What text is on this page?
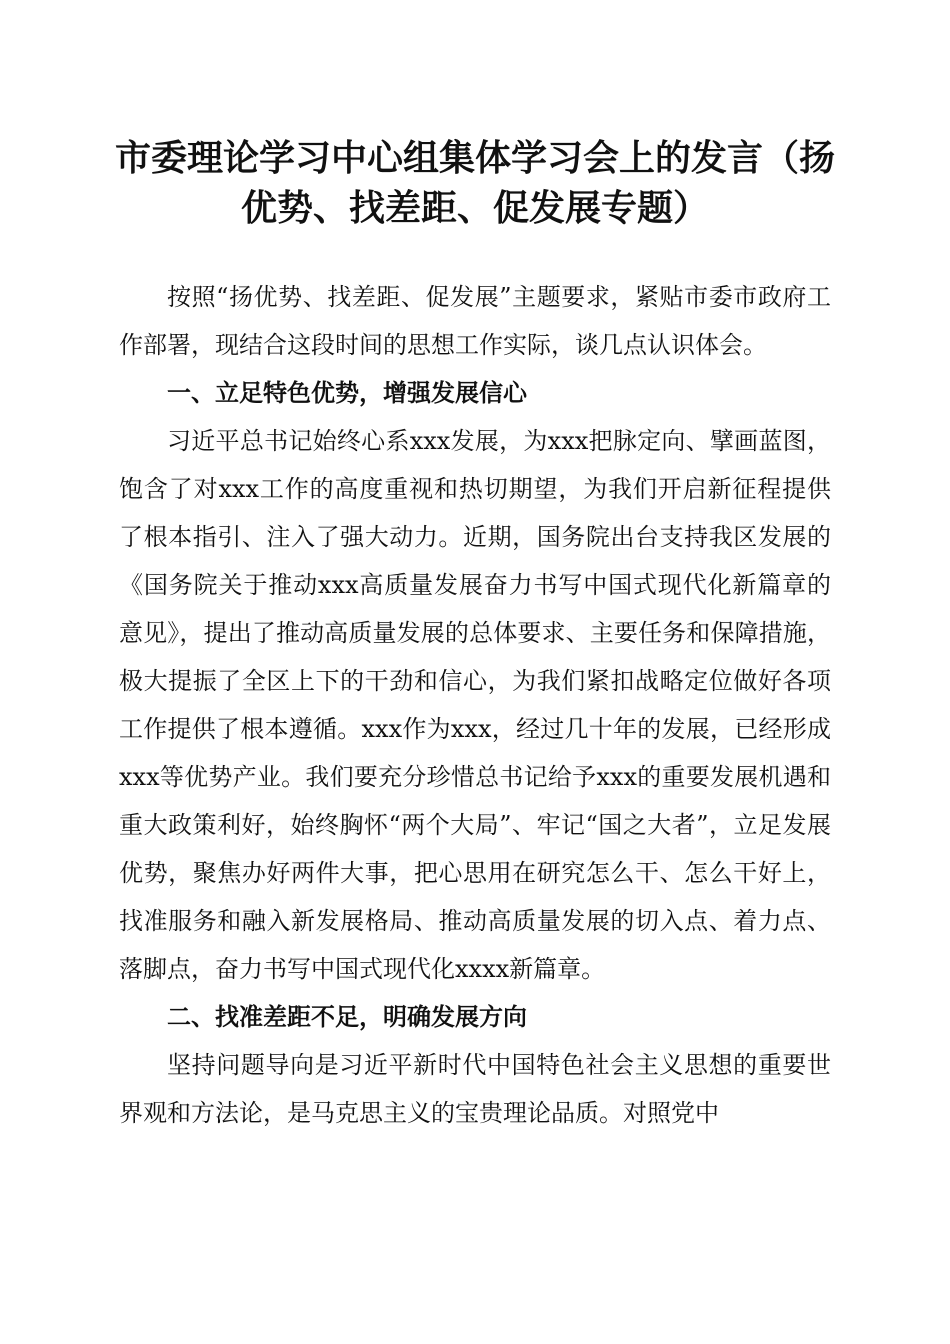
市委理论学习中心组集体学习会上的发言（扬优势、找差距、促发展专题）

按照“扬优势、找差距、促发展”主题要求，紧贴市委市政府工作部署，现结合这段时间的思想工作实际，谈几点认识体会。

一、立足特色优势，增强发展信心

习近平总书记始终心系xxx发展，为xxx把脉定向、擘画蓝图，饱含了对xxx工作的高度重视和热切期望，为我们开启新征程提供了根本指引、注入了强大动力。近期，国务院出台支持我区发展的《国务院关于推动xxx高质量发展奋力书写中国式现代化新篇章的意见》，提出了推动高质量发展的总体要求、主要任务和保障措施，极大提振了全区上下的干劲和信心，为我们紧扣战略定位做好各项工作提供了根本遵循。xxx作为xxx，经过几十年的发展，已经形成xxx等优势产业。我们要充分珍惜总书记给予xxx的重要发展机遇和重大政策利好，始终胸怀“两个大局”、牢记“国之大者”，立足发展优势，聚焦办好两件大事，把心思用在研究怎么干、怎么干好上，找准服务和融入新发展格局、推动高质量发展的切入点、着力点、落脚点，奋力书写中国式现代化xxxx新篇章。

二、找准差距不足，明确发展方向

坚持问题导向是习近平新时代中国特色社会主义思想的重要世界观和方法论，是马克思主义的宝贵理论品质。对照党中
